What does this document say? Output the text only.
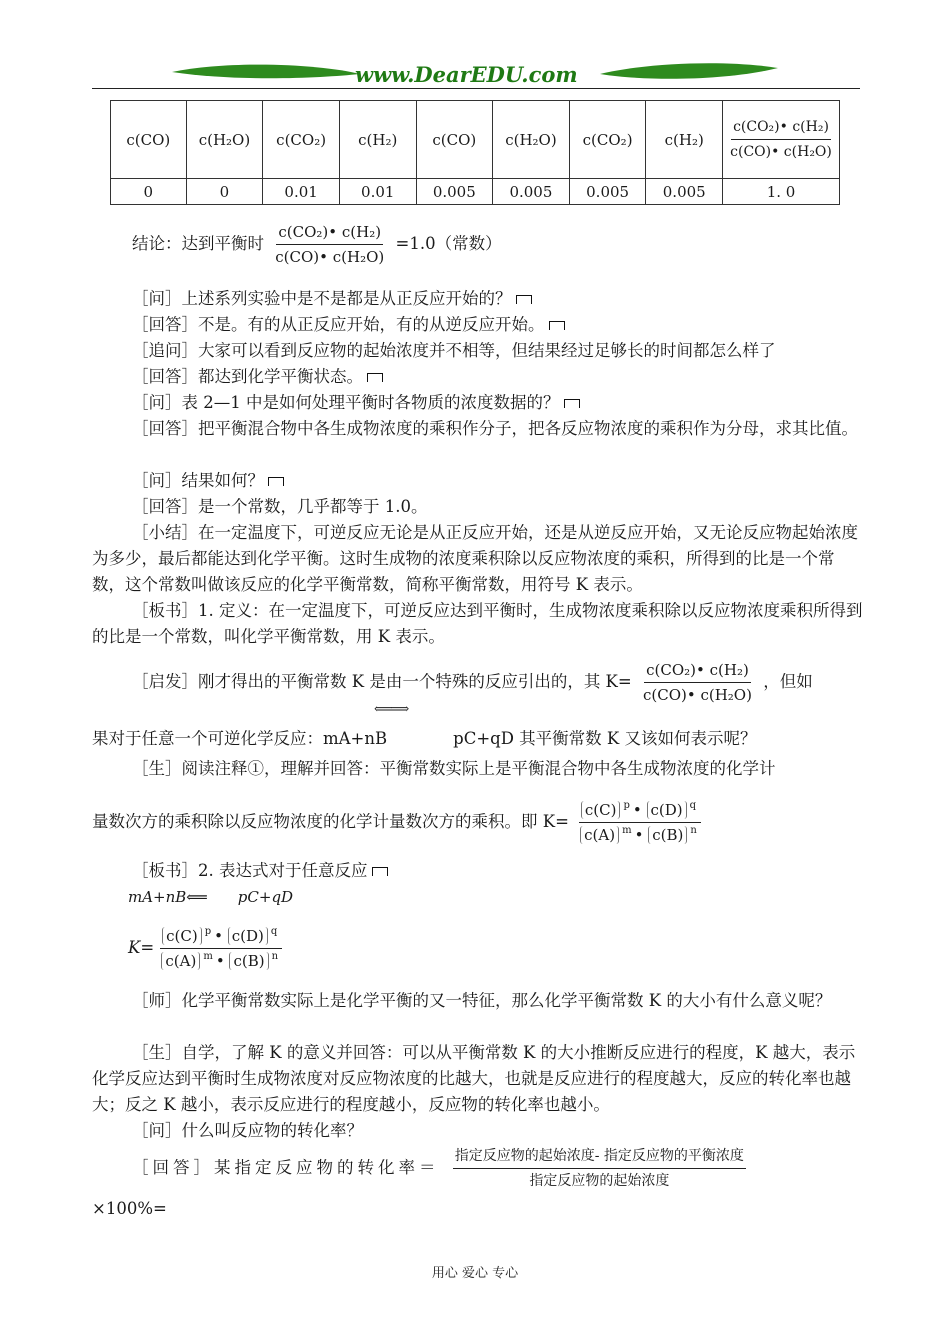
www.DearEDU.com
c(CO)	c(H₂O)	c(CO₂)	c(H₂)	c(CO)	c(H₂O)	c(CO₂)	c(H₂)	$\frac{\text{c(CO₂)• c(H₂)}}{\text{c(CO)• c(H₂O)}}$

0	0	0.01	0.01	0.005	0.005	0.005	0.005	1. 0
结论：达到平衡时 $\frac{\text{c(CO₂)• c(H₂)}}{\text{c(CO)• c(H₂O)}} =1.0$（常数）
［问］上述系列实验中是不是都是从正反应开始的？
［回答］不是。有的从正反应开始，有的从逆反应开始。
［追问］大家可以看到反应物的起始浓度并不相等，但结果经过足够长的时间都怎么样了
［回答］都达到化学平衡状态。
［问］表 2—1 中是如何处理平衡时各物质的浓度数据的？
［回答］把平衡混合物中各生成物浓度的乘积作分子，把各反应物浓度的乘积作为分母，求其比值。
［问］结果如何？
［回答］是一个常数，几乎都等于 1.0。
［小结］在一定温度下，可逆反应无论是从正反应开始，还是从逆反应开始，又无论反应物起始浓度为多少，最后都能达到化学平衡。这时生成物的浓度乘积除以反应物浓度的乘积，所得到的比是一个常数，这个常数叫做该反应的化学平衡常数，简称平衡常数，用符号 K 表示。
［板书］1. 定义：在一定温度下，可逆反应达到平衡时，生成物浓度乘积除以反应物浓度乘积所得到的比是一个常数，叫化学平衡常数，用 K 表示。
［启发］刚才得出的平衡常数 K 是由一个特殊的反应引出的，其 $K= \frac{\text{c(CO₂)• c(H₂)}}{\text{c(CO)• c(H₂O)}}$ ，但如
⟸⟹
果对于任意一个可逆化学反应：mA+nB　　　　pC+qD 其平衡常数 K 又该如何表示呢？
［生］阅读注释①，理解并回答：平衡常数实际上是平衡混合物中各生成物浓度的化学计
量数次方的乘积除以反应物浓度的化学计量数次方的乘积。即 $K= \frac{c(C) ^p • c(D) ^q}{c(A) ^m • c(B) ^n}$
［板书］2. 表达式对于任意反应
mA+nB⟸　　pC+qD
$K= \frac{c(C) ^p • c(D) ^q}{c(A) ^m • c(B) ^n}$
［师］化学平衡常数实际上是化学平衡的又一特征，那么化学平衡常数 K 的大小有什么意义呢？
［生］自学，了解 K 的意义并回答：可以从平衡常数 K 的大小推断反应进行的程度，K 越大，表示化学反应达到平衡时生成物浓度对反应物浓度的比越大，也就是反应进行的程度越大，反应的转化率也越大；反之 K 越小，表示反应进行的程度越小，反应物的转化率也越小。
［问］什么叫反应物的转化率？
［回答］某指定反应物的转化率＝ $\frac{\text{指定反应物的起始浓度- 指定反应物的平衡浓度}}{\text{指定反应物的起始浓度}}$
×100%=
用心 爱心 专心
